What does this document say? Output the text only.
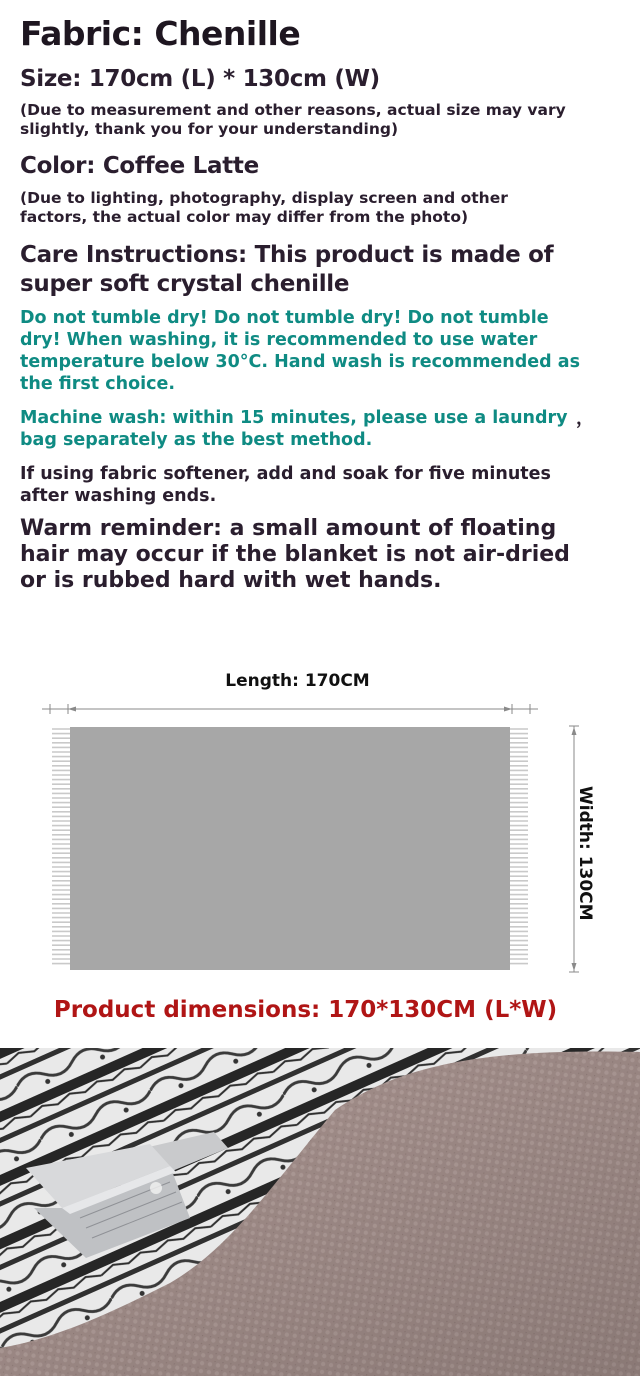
Fabric: Chenille

Size: 170cm (L) * 130cm (W)

(Due to measurement and other reasons, actual size may vary slightly, thank you for your understanding)

Color: Coffee Latte

(Due to lighting, photography, display screen and other factors, the actual color may differ from the photo)

Care Instructions: This product is made of super soft crystal chenille

Do not tumble dry! Do not tumble dry! Do not tumble dry! When washing, it is recommended to use water temperature below 30°C. Hand wash is recommended as the first choice.

Machine wash: within 15 minutes, please use a laundry bag separately as the best method.

，

If using fabric softener, add and soak for five minutes after washing ends.

Warm reminder: a small amount of floating hair may occur if the blanket is not air-dried or is rubbed hard with wet hands.

Length: 170CM

Width: 130CM

Product dimensions: 170*130CM (L*W)
